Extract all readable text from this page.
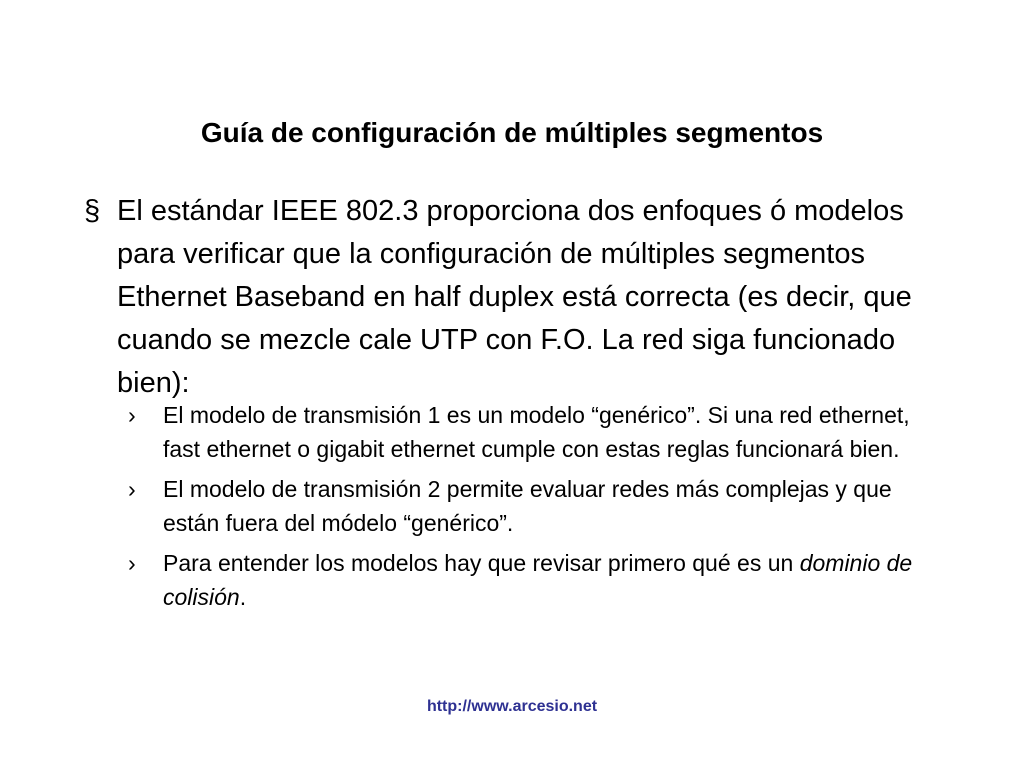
Guía de configuración de múltiples segmentos
§ El estándar IEEE 802.3 proporciona dos enfoques ó modelos para verificar que la configuración de múltiples segmentos Ethernet Baseband en half duplex está correcta (es decir, que cuando se mezcle cale UTP con F.O. La red siga funcionado bien):
› El modelo de transmisión 1 es un modelo “genérico”. Si una red ethernet, fast ethernet o gigabit ethernet cumple con estas reglas funcionará bien.
› El modelo de transmisión 2 permite evaluar redes más complejas y que están fuera del módelo “genérico”.
› Para entender los modelos hay que revisar primero qué es un dominio de colisión.
http://www.arcesio.net
